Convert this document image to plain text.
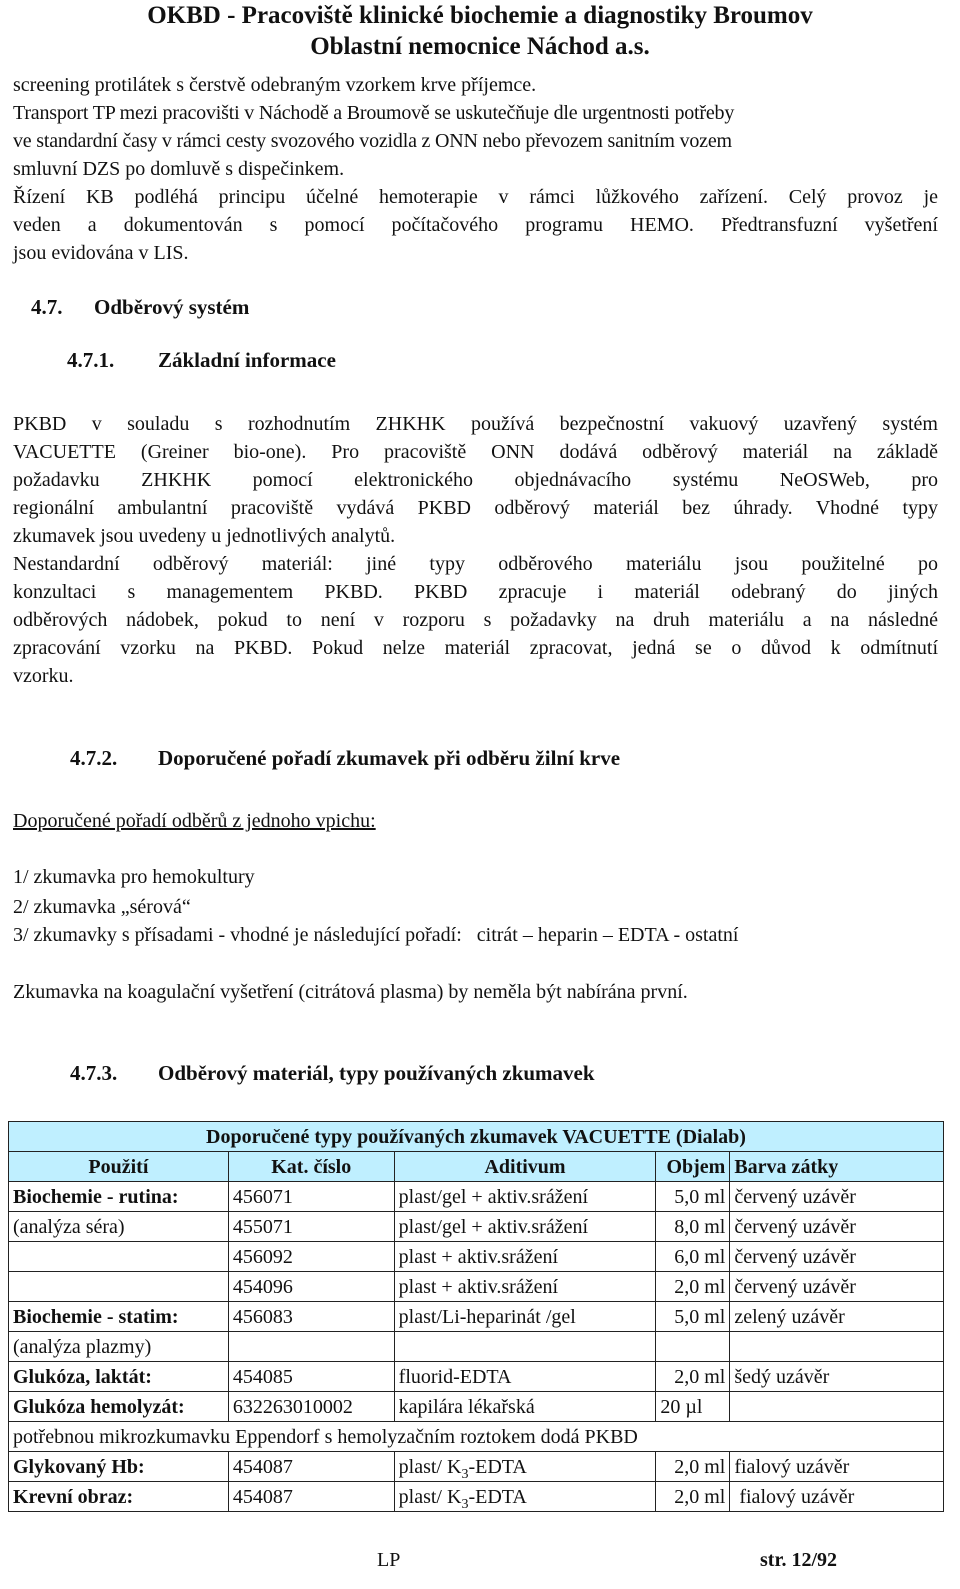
OKBD - Pracoviště klinické biochemie a diagnostiky Broumov
Oblastní nemocnice Náchod a.s.
screening protilátek s čerstvě odebraným vzorkem krve příjemce.
Transport TP mezi pracovišti v Náchodě a Broumově se uskutečňuje dle urgentnosti potřeby
ve standardní časy v rámci cesty svozového vozidla z ONN nebo převozem sanitním vozem
smluvní DZS po domluvě s dispečinkem.
Řízení KB podléhá principu účelné hemoterapie v rámci lůžkového zařízení. Celý provoz je
veden a dokumentován s pomocí počítačového programu HEMO. Předtransfuzní vyšetření
jsou evidována v LIS.
4.7. Odběrový systém
4.7.1. Základní informace
PKBD v souladu s rozhodnutím ZHKHK používá bezpečnostní vakuový uzavřený systém
VACUETTE (Greiner bio-one). Pro pracoviště ONN dodává odběrový materiál na základě
požadavku ZHKHK pomocí elektronického objednávacího systému NeOSWeb, pro
regionální ambulantní pracoviště vydává PKBD odběrový materiál bez úhrady. Vhodné typy
zkumavek jsou uvedeny u jednotlivých analytů.
Nestandardní odběrový materiál: jiné typy odběrového materiálu jsou použitelné po
konzultaci s managementem PKBD. PKBD zpracuje i materiál odebraný do jiných
odběrových nádobek, pokud to není v rozporu s požadavky na druh materiálu a na následné
zpracování vzorku na PKBD. Pokud nelze materiál zpracovat, jedná se o důvod k odmítnutí
vzorku.
4.7.2. Doporučené pořadí zkumavek při odběru žilní krve
Doporučené pořadí odběrů z jednoho vpichu:
1/ zkumavka pro hemokultury
2/ zkumavka „sérová“
3/ zkumavky s přísadami - vhodné je následující pořadí:   citrát – heparin – EDTA - ostatní
Zkumavka na koagulační vyšetření (citrátová plasma) by neměla být nabírána první.
4.7.3. Odběrový materiál, typy používaných zkumavek
Doporučené typy používaných zkumavek VACUETTE (Dialab)				
Použití	Kat. číslo	Aditivum	Objem	Barva zátky
Biochemie - rutina:	456071	plast/gel + aktiv.srážení	5,0 ml	červený uzávěr
(analýza séra)	455071	plast/gel + aktiv.srážení	8,0 ml	červený uzávěr
	456092	plast + aktiv.srážení	6,0 ml	červený uzávěr
	454096	plast + aktiv.srážení	2,0 ml	červený uzávěr
Biochemie - statim:	456083	plast/Li-heparinát /gel	5,0 ml	zelený uzávěr
(analýza plazmy)				
Glukóza, laktát:	454085	fluorid-EDTA	2,0 ml	šedý uzávěr
Glukóza hemolyzát:	632263010002	kapilára lékařská	20 µl	
potřebnou mikrozkumavku Eppendorf s hemolyzačním roztokem dodá PKBD				
Glykovaný Hb:	454087	plast/ $K_3$-EDTA	2,0 ml	fialový uzávěr
Krevní obraz:	454087	plast/ $K_3$-EDTA	2,0 ml	fialový uzávěr
LP	str. 12/92
